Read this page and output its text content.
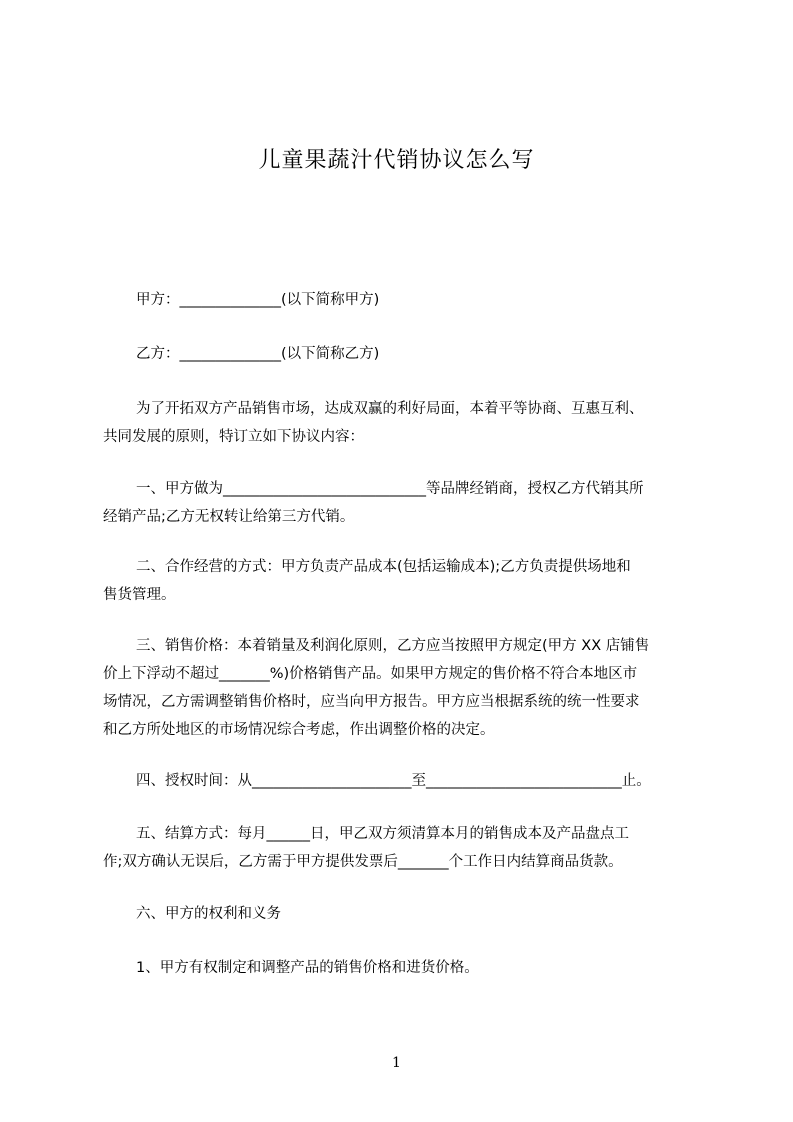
儿童果蔬汁代销协议怎么写
甲方：______________(以下简称甲方)
乙方：______________(以下简称乙方)
为了开拓双方产品销售市场，达成双赢的利好局面，本着平等协商、互惠互利、
共同发展的原则，特订立如下协议内容：
一、甲方做为____________________________等品牌经销商，授权乙方代销其所
经销产品;乙方无权转让给第三方代销。
二、合作经营的方式：甲方负责产品成本(包括运输成本);乙方负责提供场地和
售货管理。
三、销售价格：本着销量及利润化原则，乙方应当按照甲方规定(甲方 XX 店铺售
价上下浮动不超过_______%)价格销售产品。如果甲方规定的售价格不符合本地区市
场情况，乙方需调整销售价格时，应当向甲方报告。甲方应当根据系统的统一性要求
和乙方所处地区的市场情况综合考虑，作出调整价格的决定。
四、授权时间：从______________________至___________________________止。
五、结算方式：每月______日，甲乙双方须清算本月的销售成本及产品盘点工
作;双方确认无误后，乙方需于甲方提供发票后_______个工作日内结算商品货款。
六、甲方的权利和义务
1、甲方有权制定和调整产品的销售价格和进货价格。
1
